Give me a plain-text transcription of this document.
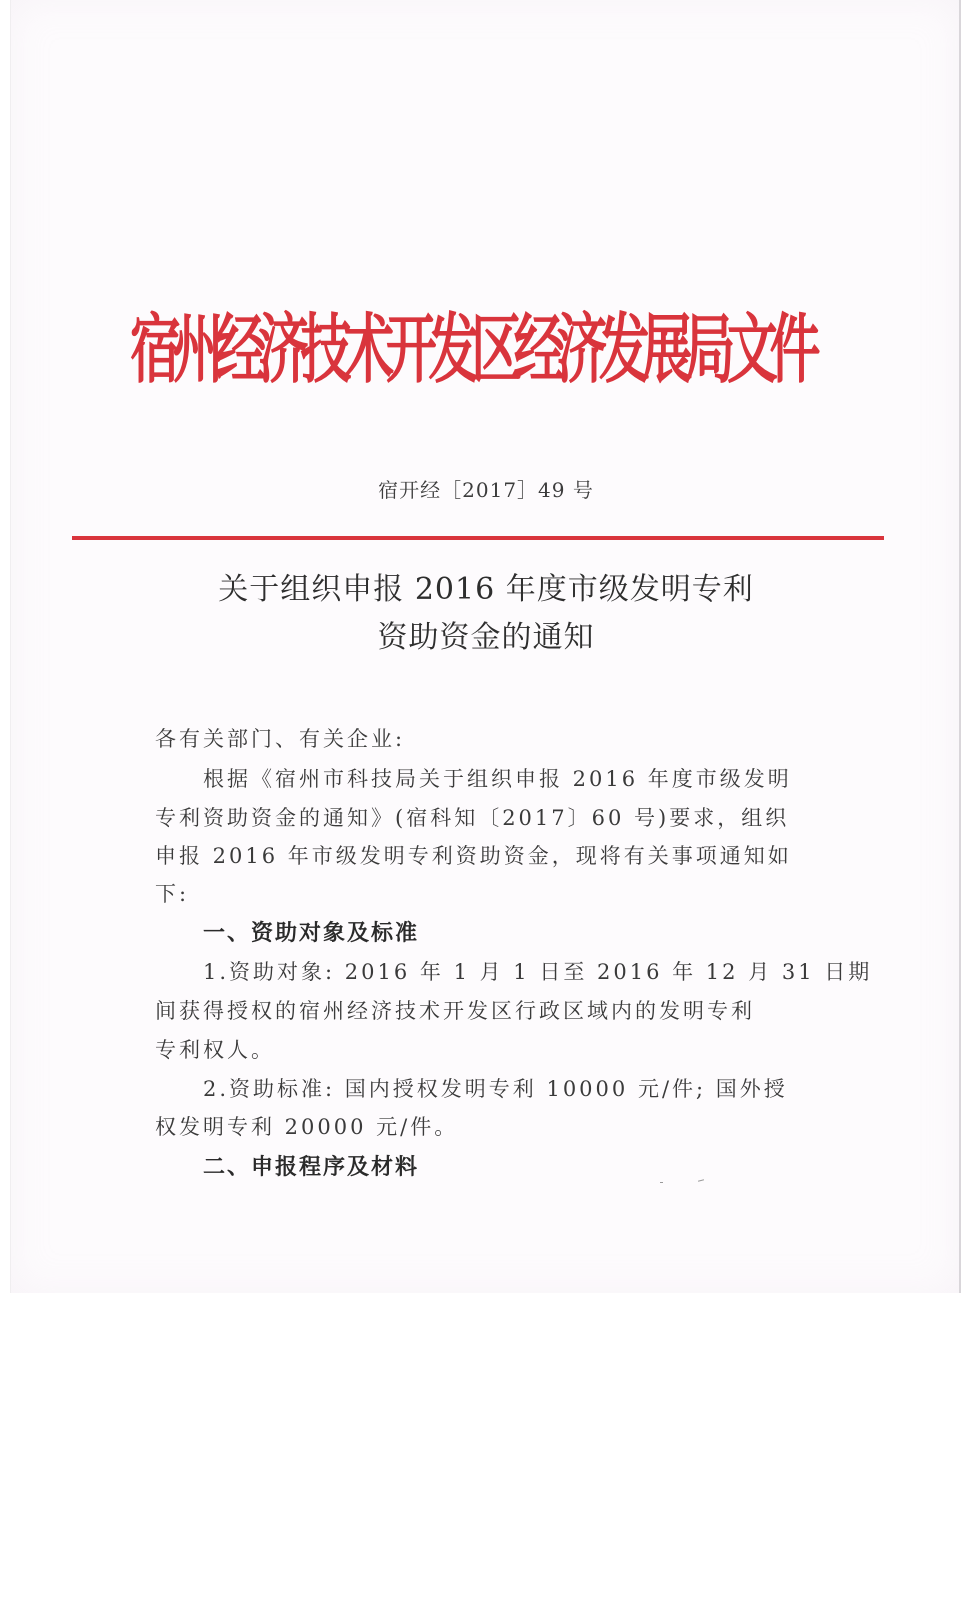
宿州经济技术开发区经济发展局文件
宿开经［2017］49 号
关于组织申报 2016 年度市级发明专利
资助资金的通知
各有关部门、有关企业:
　　根据《宿州市科技局关于组织申报 2016 年度市级发明
专利资助资金的通知》(宿科知〔2017〕60 号)要求，组织
申报 2016 年市级发明专利资助资金，现将有关事项通知如
下:
一、资助对象及标准
　　1.资助对象: 2016 年 1 月 1 日至 2016 年 12 月 31 日期
间获得授权的宿州经济技术开发区行政区域内的发明专利
专利权人。
　　2.资助标准: 国内授权发明专利 10000 元/件; 国外授
权发明专利 20000 元/件。
二、申报程序及材料
